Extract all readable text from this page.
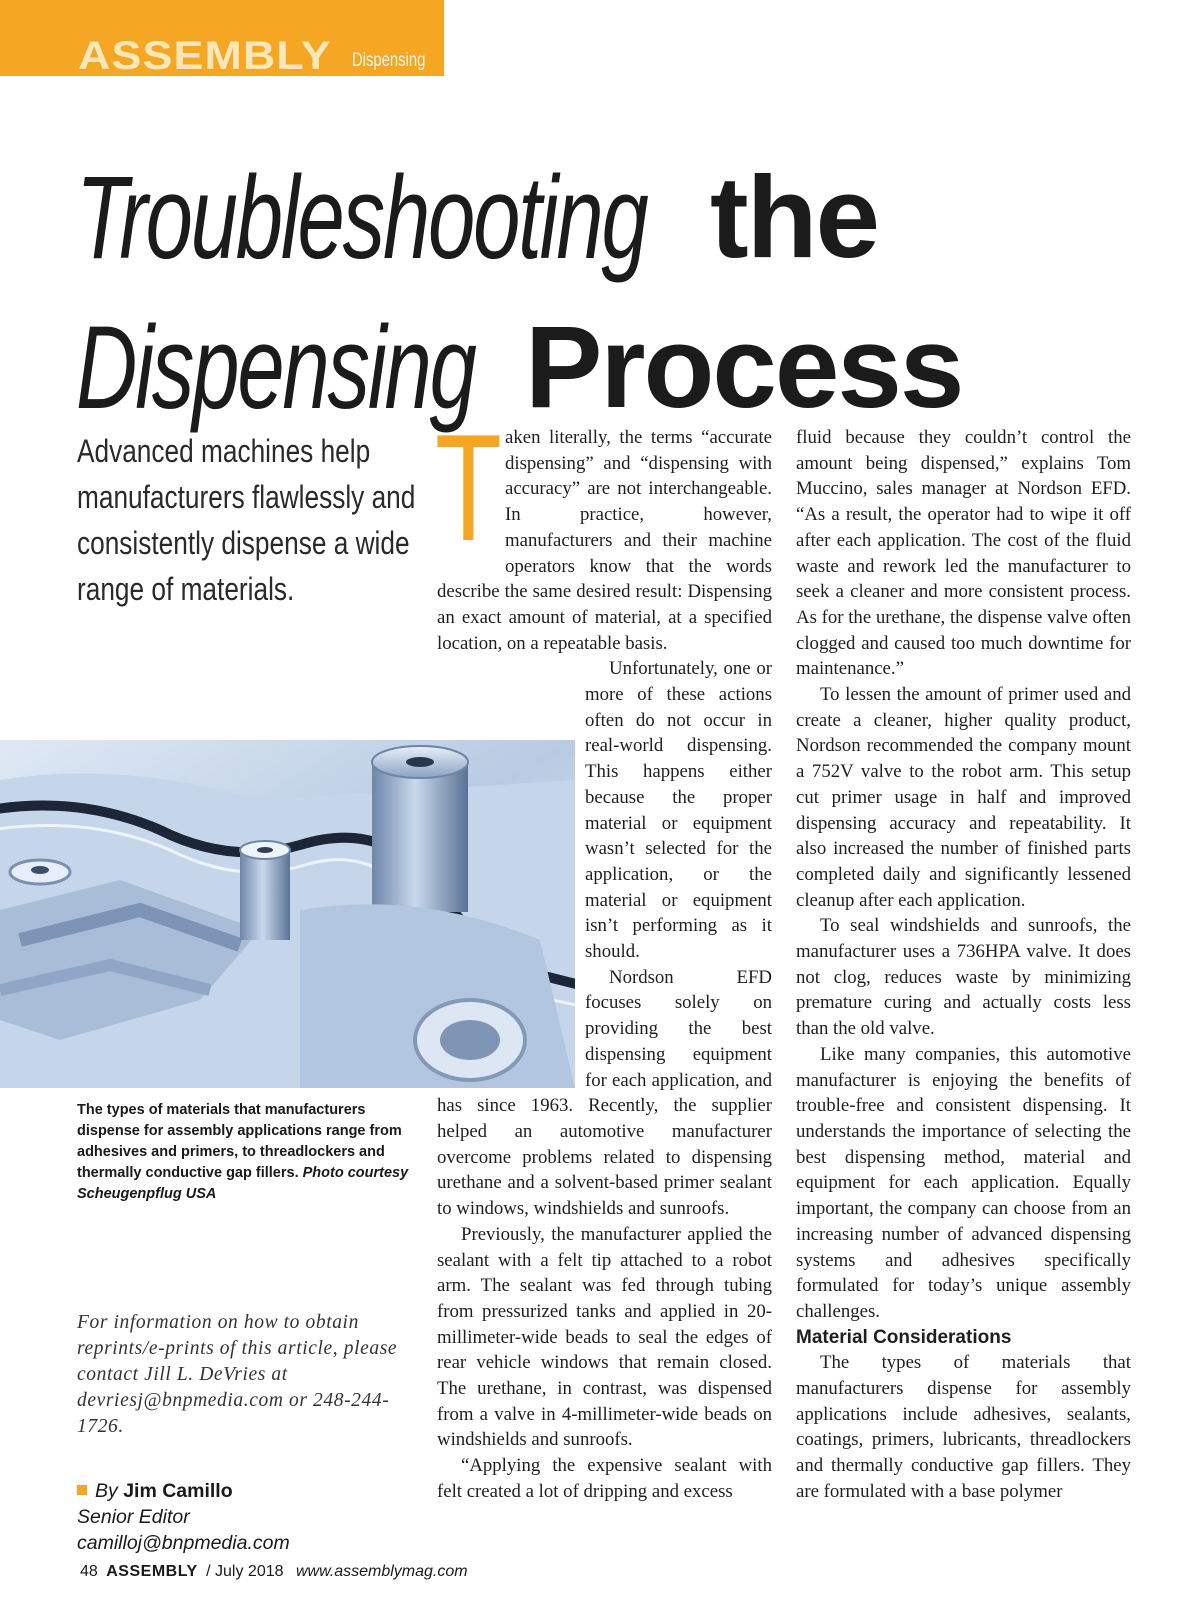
ASSEMBLY Dispensing
Troubleshooting the
Dispensing Process
Advanced machines help manufacturers flawlessly and consistently dispense a wide range of materials.
The types of materials that manufacturers dispense for assembly applications range from adhesives and primers, to threadlockers and thermally conductive gap fillers. Photo courtesy Scheugenpflug USA
For information on how to obtain reprints/e-prints of this article, please contact Jill L. DeVries at devriesj@bnpmedia.com or 248-244-1726.
By Jim Camillo
Senior Editor
camilloj@bnpmedia.com
T aken literally, the terms “accurate dispensing” and “dispensing with accuracy” are not interchangeable. In practice, however, manufacturers and their machine operators know that the words describe the same desired result: Dispensing an exact amount of material, at a specified location, on a repeatable basis.

Unfortunately, one or more of these actions often do not occur in real-world dispensing. This happens either because the proper material or equipment wasn’t selected for the application, or the material or equipment isn’t performing as it should.

Nordson EFD focuses solely on providing the best dispensing equipment for each application, and has since 1963. Recently, the supplier helped an automotive manufacturer overcome problems related to dispensing urethane and a solvent-based primer sealant to windows, windshields and sunroofs.

Previously, the manufacturer applied the sealant with a felt tip attached to a robot arm. The sealant was fed through tubing from pressurized tanks and applied in 20-millimeter-wide beads to seal the edges of rear vehicle windows that remain closed. The urethane, in contrast, was dispensed from a valve in 4-millimeter-wide beads on windshields and sunroofs.

“Applying the expensive sealant with felt created a lot of dripping and excess

fluid because they couldn’t control the amount being dispensed,” explains Tom Muccino, sales manager at Nordson EFD. “As a result, the operator had to wipe it off after each application. The cost of the fluid waste and rework led the manufacturer to seek a cleaner and more consistent process. As for the urethane, the dispense valve often clogged and caused too much downtime for maintenance.”

To lessen the amount of primer used and create a cleaner, higher quality product, Nordson recommended the company mount a 752V valve to the robot arm. This setup cut primer usage in half and improved dispensing accuracy and repeatability. It also increased the number of finished parts completed daily and significantly lessened cleanup after each application.

To seal windshields and sunroofs, the manufacturer uses a 736HPA valve. It does not clog, reduces waste by minimizing premature curing and actually costs less than the old valve.

Like many companies, this automotive manufacturer is enjoying the benefits of trouble-free and consistent dispensing. It understands the importance of selecting the best dispensing method, material and equipment for each application. Equally important, the company can choose from an increasing number of advanced dispensing systems and adhesives specifically formulated for today’s unique assembly challenges.

Material Considerations

The types of materials that manufacturers dispense for assembly applications include adhesives, sealants, coatings, primers, lubricants, threadlockers and thermally conductive gap fillers. They are formulated with a base polymer

48 ASSEMBLY / July 2018 www.assemblymag.com
